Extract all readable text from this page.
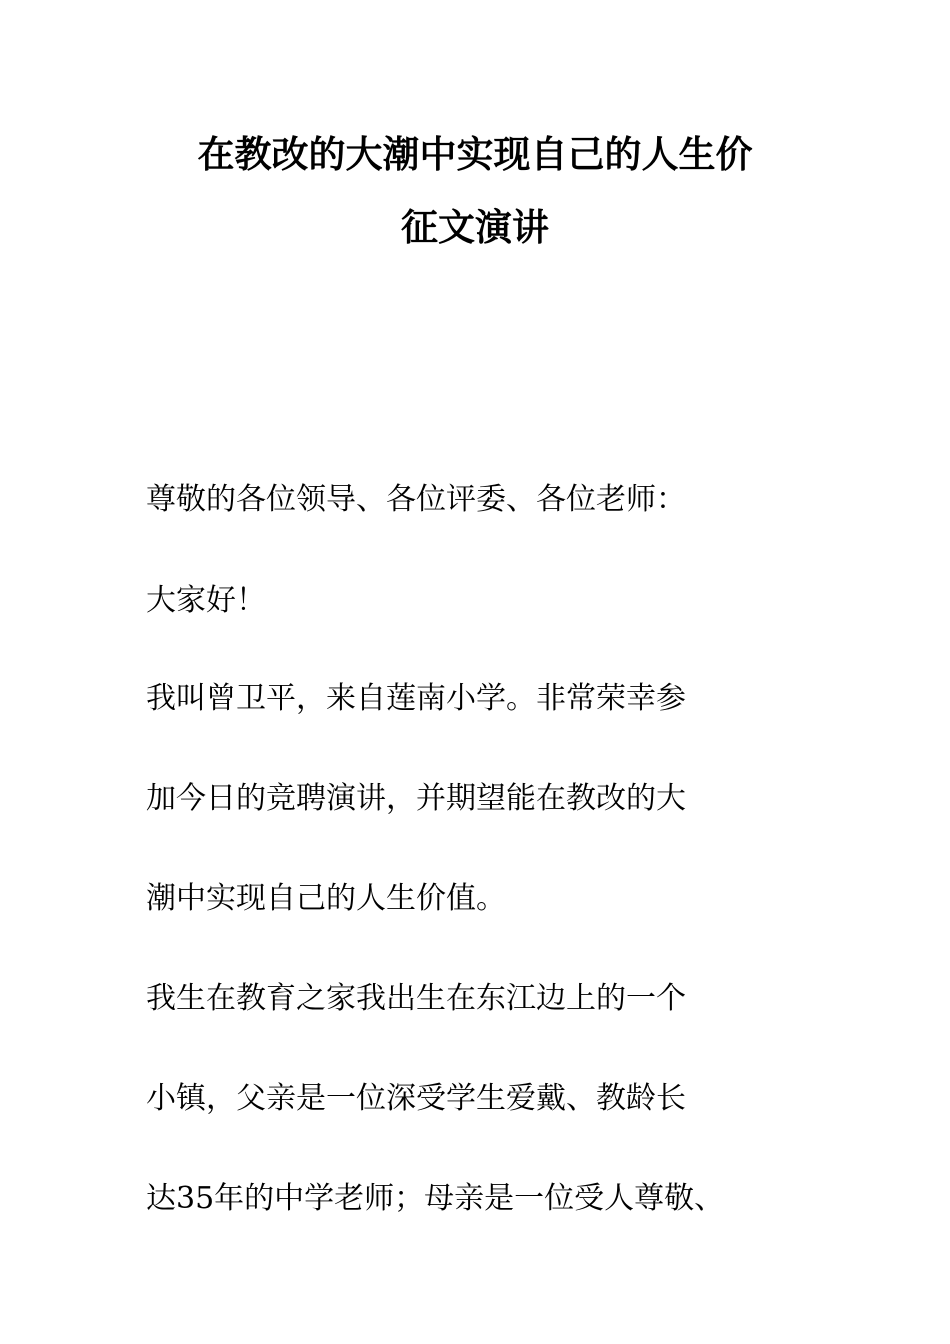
在教改的大潮中实现自己的人生价
征文演讲
尊敬的各位领导、各位评委、各位老师：
大家好！
我叫曾卫平，来自莲南小学。非常荣幸参
加今日的竞聘演讲，并期望能在教改的大
潮中实现自己的人生价值。
我生在教育之家我出生在东江边上的一个
小镇，父亲是一位深受学生爱戴、教龄长
达35年的中学老师；母亲是一位受人尊敬、
